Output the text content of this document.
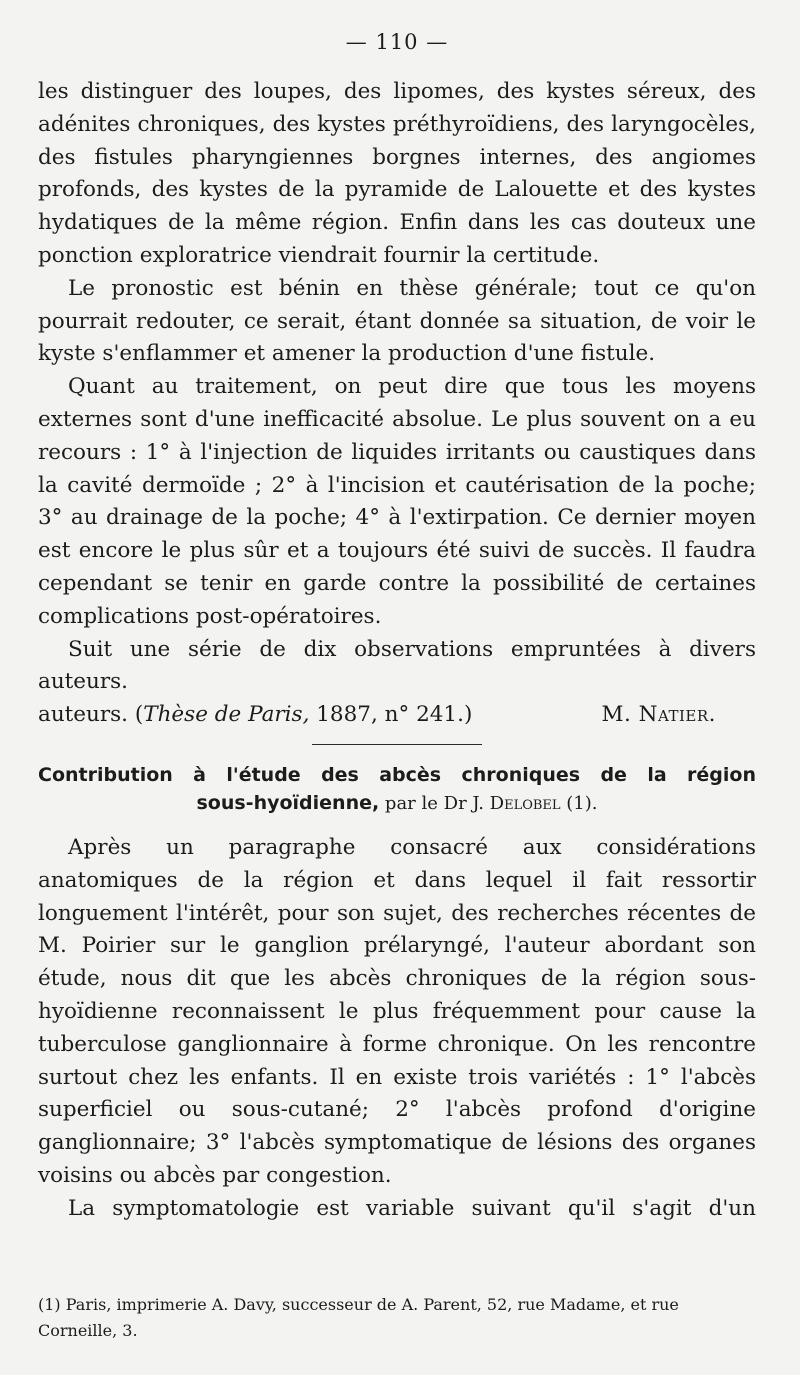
— 110 —

les distinguer des loupes, des lipomes, des kystes séreux, des adénites chroniques, des kystes préthyroïdiens, des laryngocèles, des fistules pharyngiennes borgnes internes, des angiomes profonds, des kystes de la pyramide de Lalouette et des kystes hydatiques de la même région. Enfin dans les cas douteux une ponction exploratrice viendrait fournir la certitude.

Le pronostic est bénin en thèse générale; tout ce qu'on pourrait redouter, ce serait, étant donnée sa situation, de voir le kyste s'enflammer et amener la production d'une fistule.

Quant au traitement, on peut dire que tous les moyens externes sont d'une inefficacité absolue. Le plus souvent on a eu recours : 1° à l'injection de liquides irritants ou caustiques dans la cavité dermoïde ; 2° à l'incision et cautérisation de la poche; 3° au drainage de la poche; 4° à l'extirpation. Ce dernier moyen est encore le plus sûr et a toujours été suivi de succès. Il faudra cependant se tenir en garde contre la possibilité de certaines complications post-opératoires.

Suit une série de dix observations empruntées à divers auteurs.

auteurs. (Thèse de Paris, 1887, n° 241.)	M. Natier.
Contribution à l'étude des abcès chroniques de la région
sous-hyoïdienne, par le Dr J. Delobel (1).

Après un paragraphe consacré aux considérations anatomiques de la région et dans lequel il fait ressortir longuement l'intérêt, pour son sujet, des recherches récentes de M. Poirier sur le ganglion prélaryngé, l'auteur abordant son étude, nous dit que les abcès chroniques de la région sous-hyoïdienne reconnaissent le plus fréquemment pour cause la tuberculose ganglionnaire à forme chronique. On les rencontre surtout chez les enfants. Il en existe trois variétés : 1° l'abcès superficiel ou sous-cutané; 2° l'abcès profond d'origine ganglionnaire; 3° l'abcès symptomatique de lésions des organes voisins ou abcès par congestion.

La symptomatologie est variable suivant qu'il s'agit d'un

(1) Paris, imprimerie A. Davy, successeur de A. Parent, 52, rue Madame, et rue Corneille, 3.
